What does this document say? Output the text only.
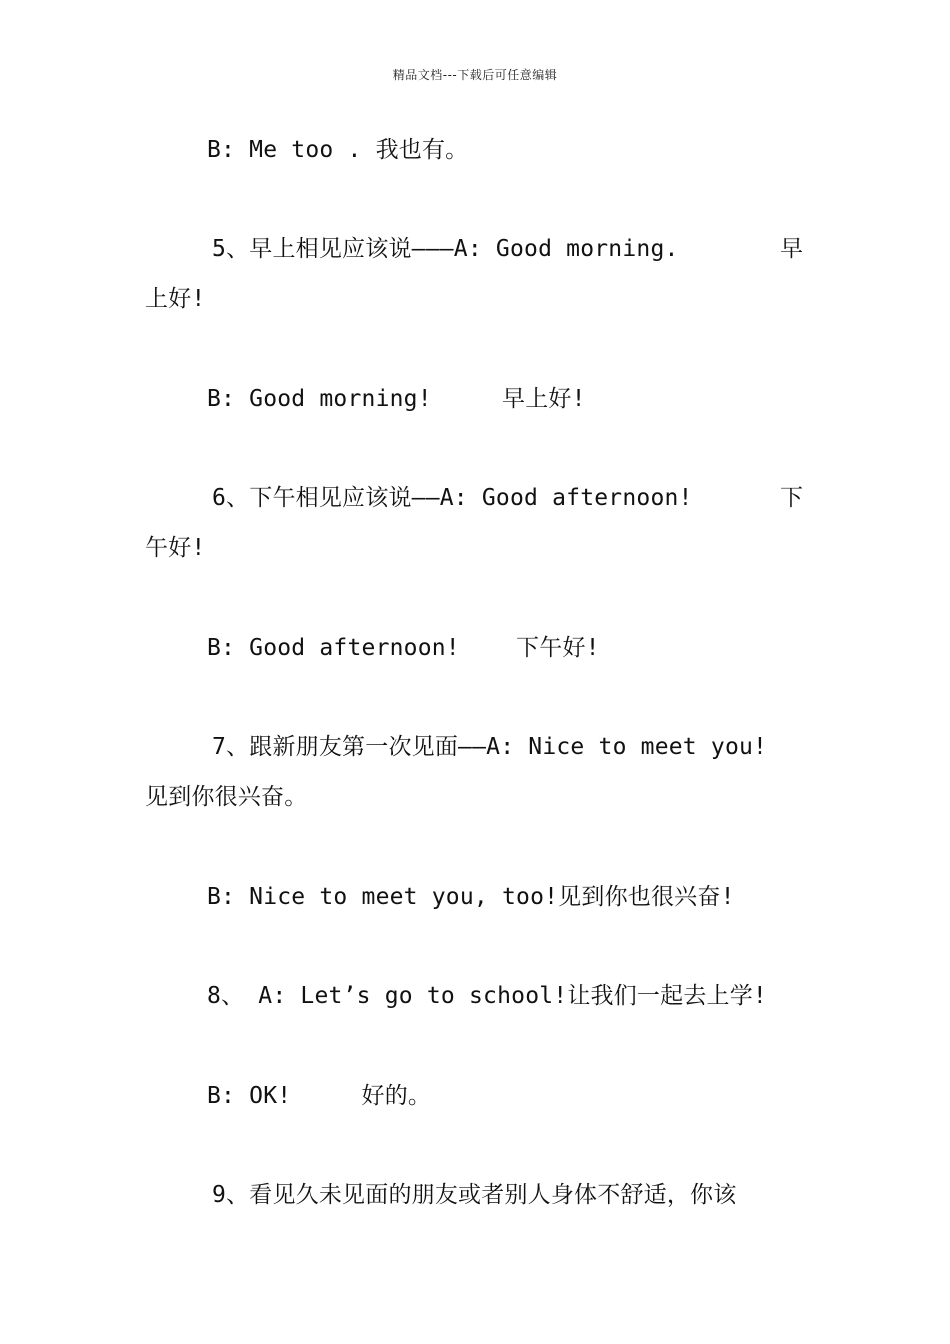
精品文档---下载后可任意编辑
B: Me too . 我也有。
5、早上相见应该说———A: Good morning.	早
上好!
B: Good morning!     早上好!
6、下午相见应该说——A: Good afternoon!	下
午好!
B: Good afternoon!    下午好!
7、跟新朋友第一次见面——A: Nice to meet you!
见到你很兴奋。
B: Nice to meet you, too!见到你也很兴奋!
8、 A: Let’s go to school!让我们一起去上学!
B: OK!     好的。
9、看见久未见面的朋友或者别人身体不舒适，你该
